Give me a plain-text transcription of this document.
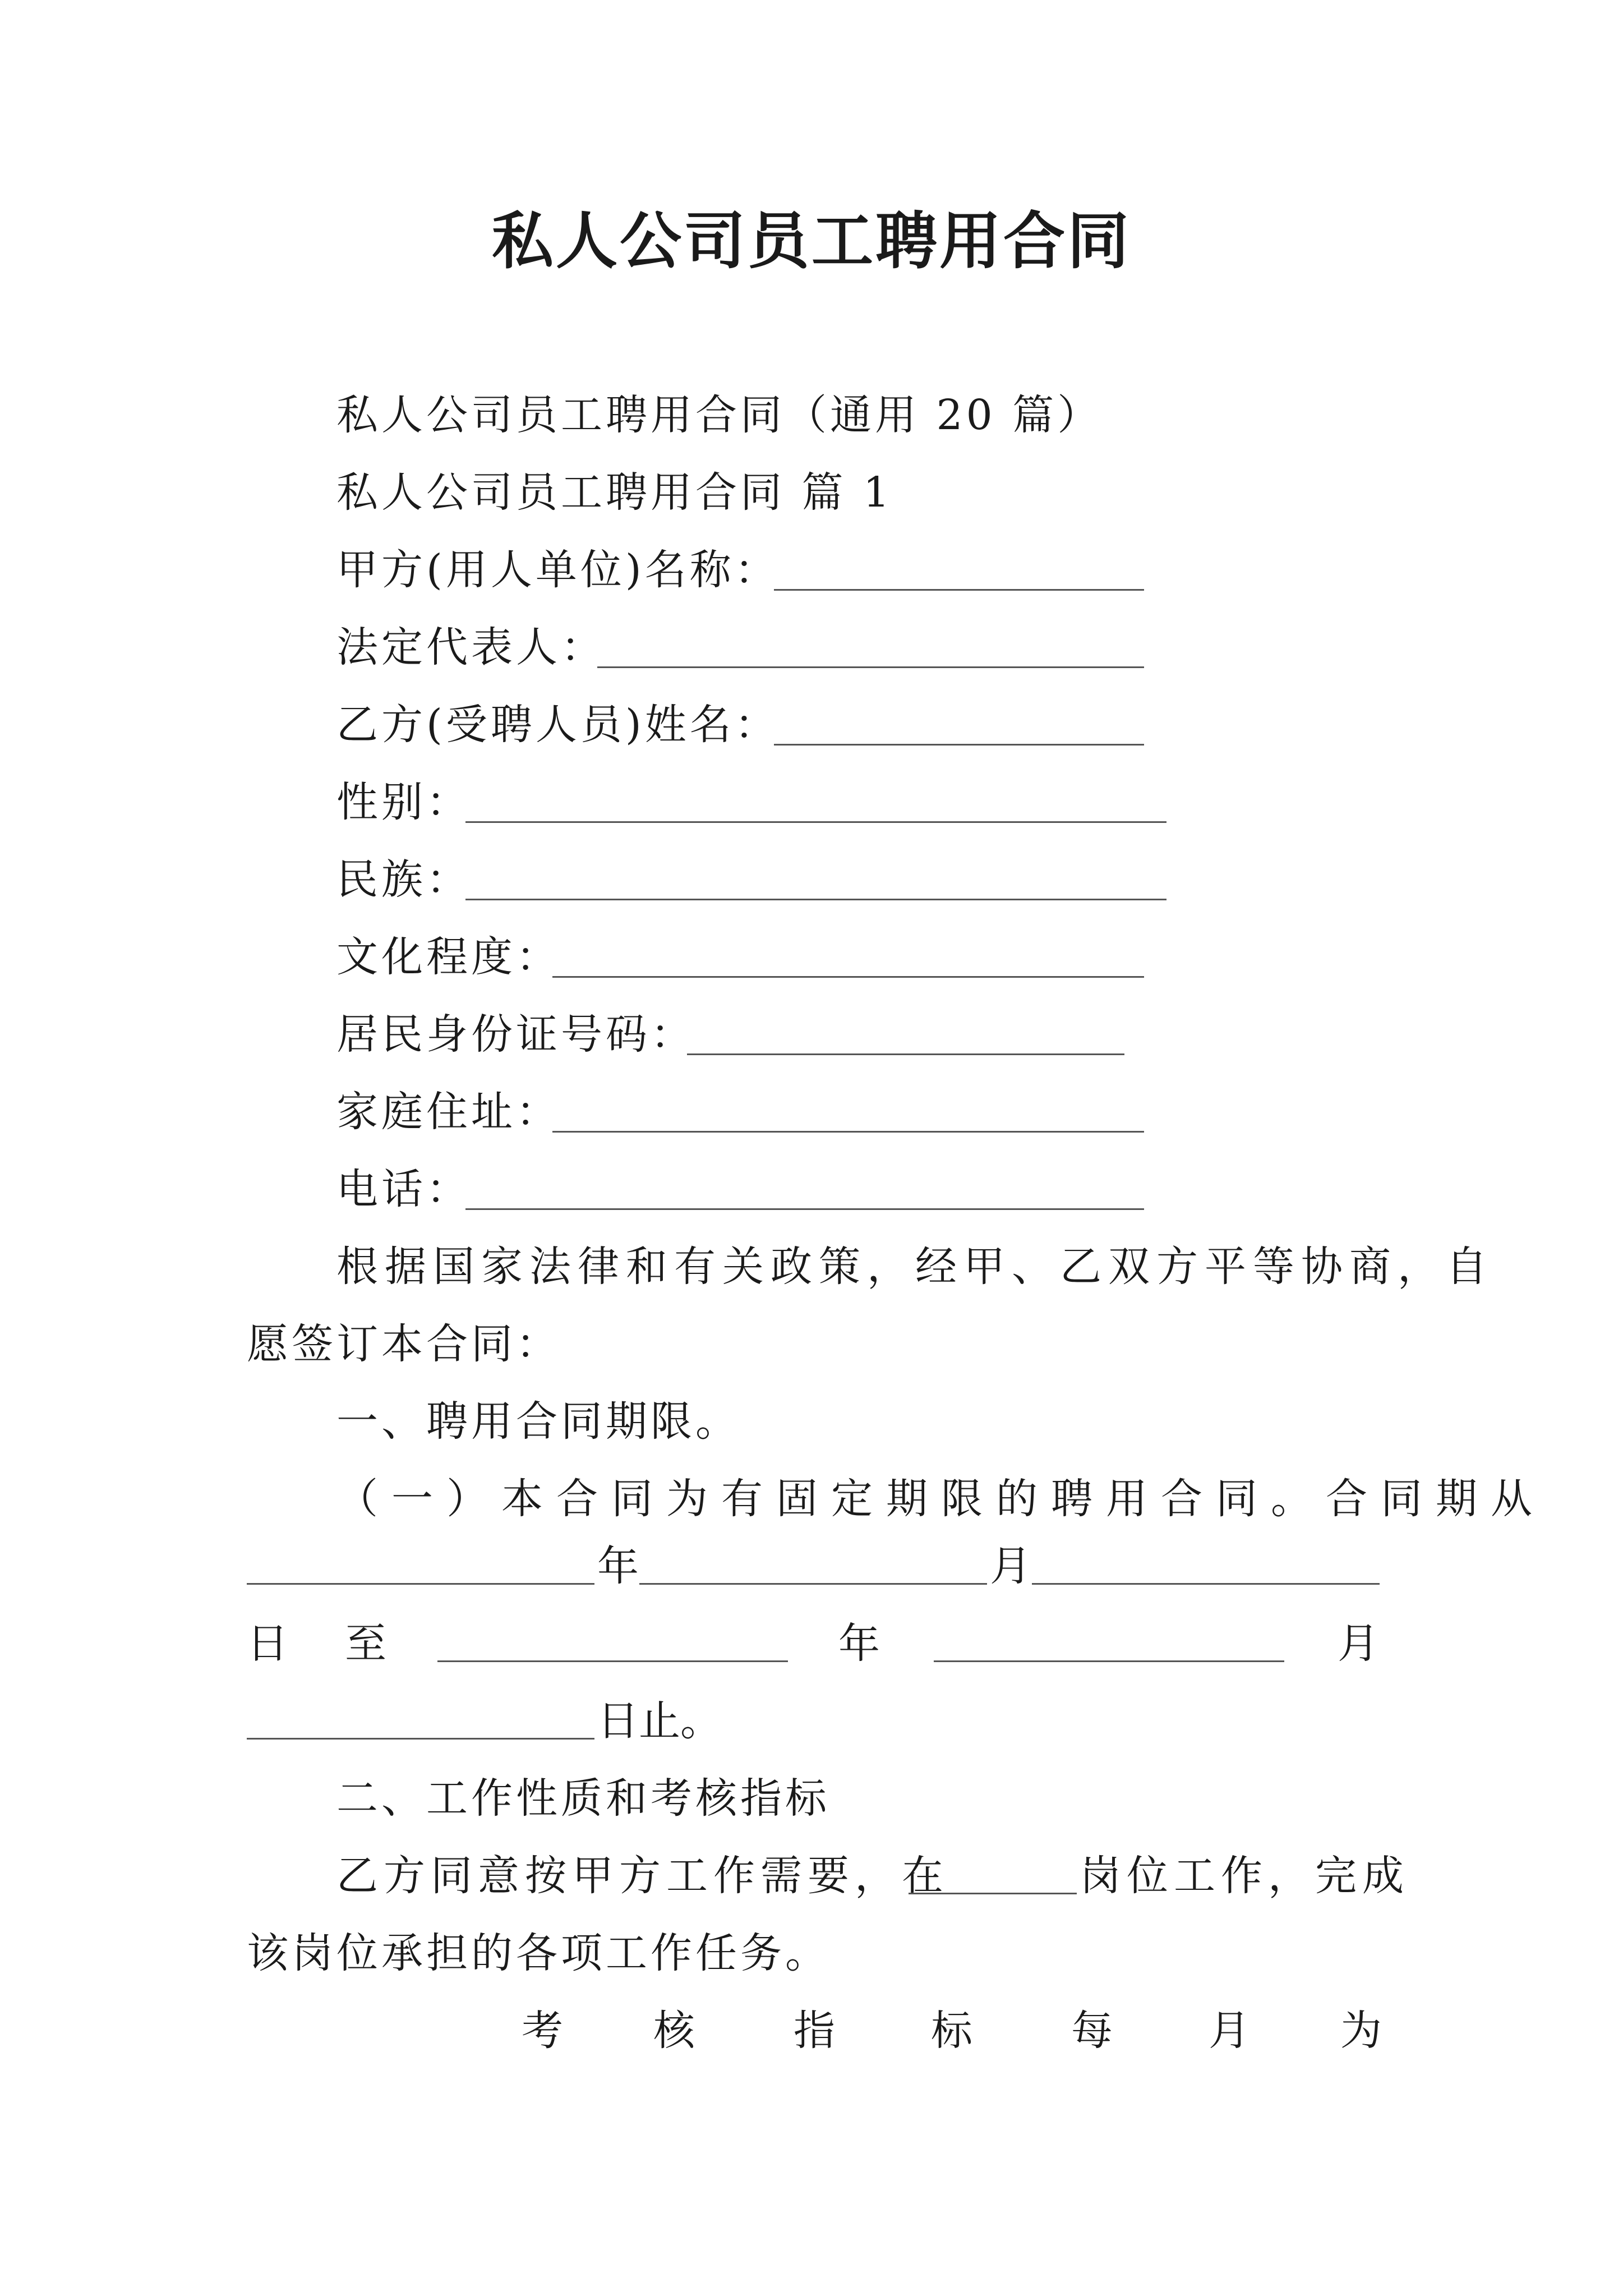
私人公司员工聘用合同
私人公司员工聘用合同（通用 20 篇）
私人公司员工聘用合同 篇 1
甲方(用人单位)名称：
法定代表人：
乙方(受聘人员)姓名：
性别：
民族：
文化程度：
居民身份证号码：
家庭住址：
电话：
根据国家法律和有关政策，经甲、乙双方平等协商，自
愿签订本合同：
一、聘用合同期限。
（一）本合同为有固定期限的聘用合同。合同期从
年	月
日 至	年	月
日止。
二、工作性质和考核指标
乙方同意按甲方工作需要，在	岗位工作，完成
该岗位承担的各项工作任务。
考 核 指 标 每 月 为
